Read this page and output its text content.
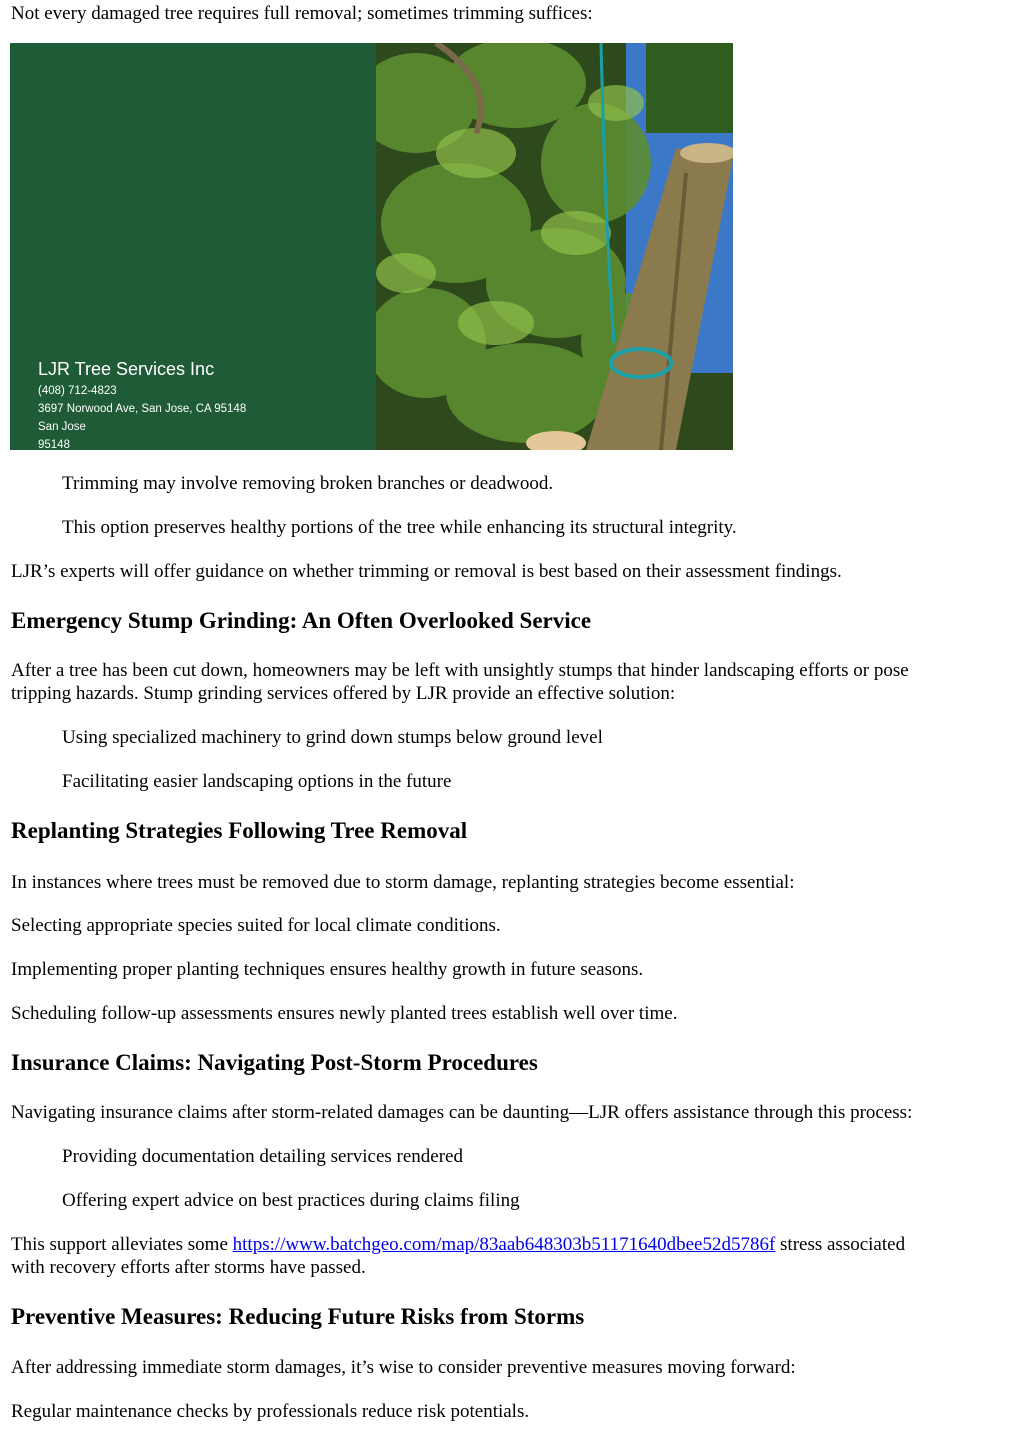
Not every damaged tree requires full removal; sometimes trimming suffices:

LJR Tree Services Inc
(408) 712-4823
3697 Norwood Ave, San Jose, CA 95148
San Jose
95148

Trimming may involve removing broken branches or deadwood.

This option preserves healthy portions of the tree while enhancing its structural integrity.

LJR’s experts will offer guidance on whether trimming or removal is best based on their assessment findings.

Emergency Stump Grinding: An Often Overlooked Service

After a tree has been cut down, homeowners may be left with unsightly stumps that hinder landscaping efforts or pose

tripping hazards. Stump grinding services offered by LJR provide an effective solution:

Using specialized machinery to grind down stumps below ground level

Facilitating easier landscaping options in the future

Replanting Strategies Following Tree Removal

In instances where trees must be removed due to storm damage, replanting strategies become essential:

Selecting appropriate species suited for local climate conditions.

Implementing proper planting techniques ensures healthy growth in future seasons.

Scheduling follow-up assessments ensures newly planted trees establish well over time.

Insurance Claims: Navigating Post-Storm Procedures

Navigating insurance claims after storm-related damages can be daunting—LJR offers assistance through this process:

Providing documentation detailing services rendered

Offering expert advice on best practices during claims filing

This support alleviates some https://www.batchgeo.com/map/83aab648303b51171640dbee52d5786f stress associated

with recovery efforts after storms have passed.

Preventive Measures: Reducing Future Risks from Storms

After addressing immediate storm damages, it’s wise to consider preventive measures moving forward:

Regular maintenance checks by professionals reduce risk potentials.
